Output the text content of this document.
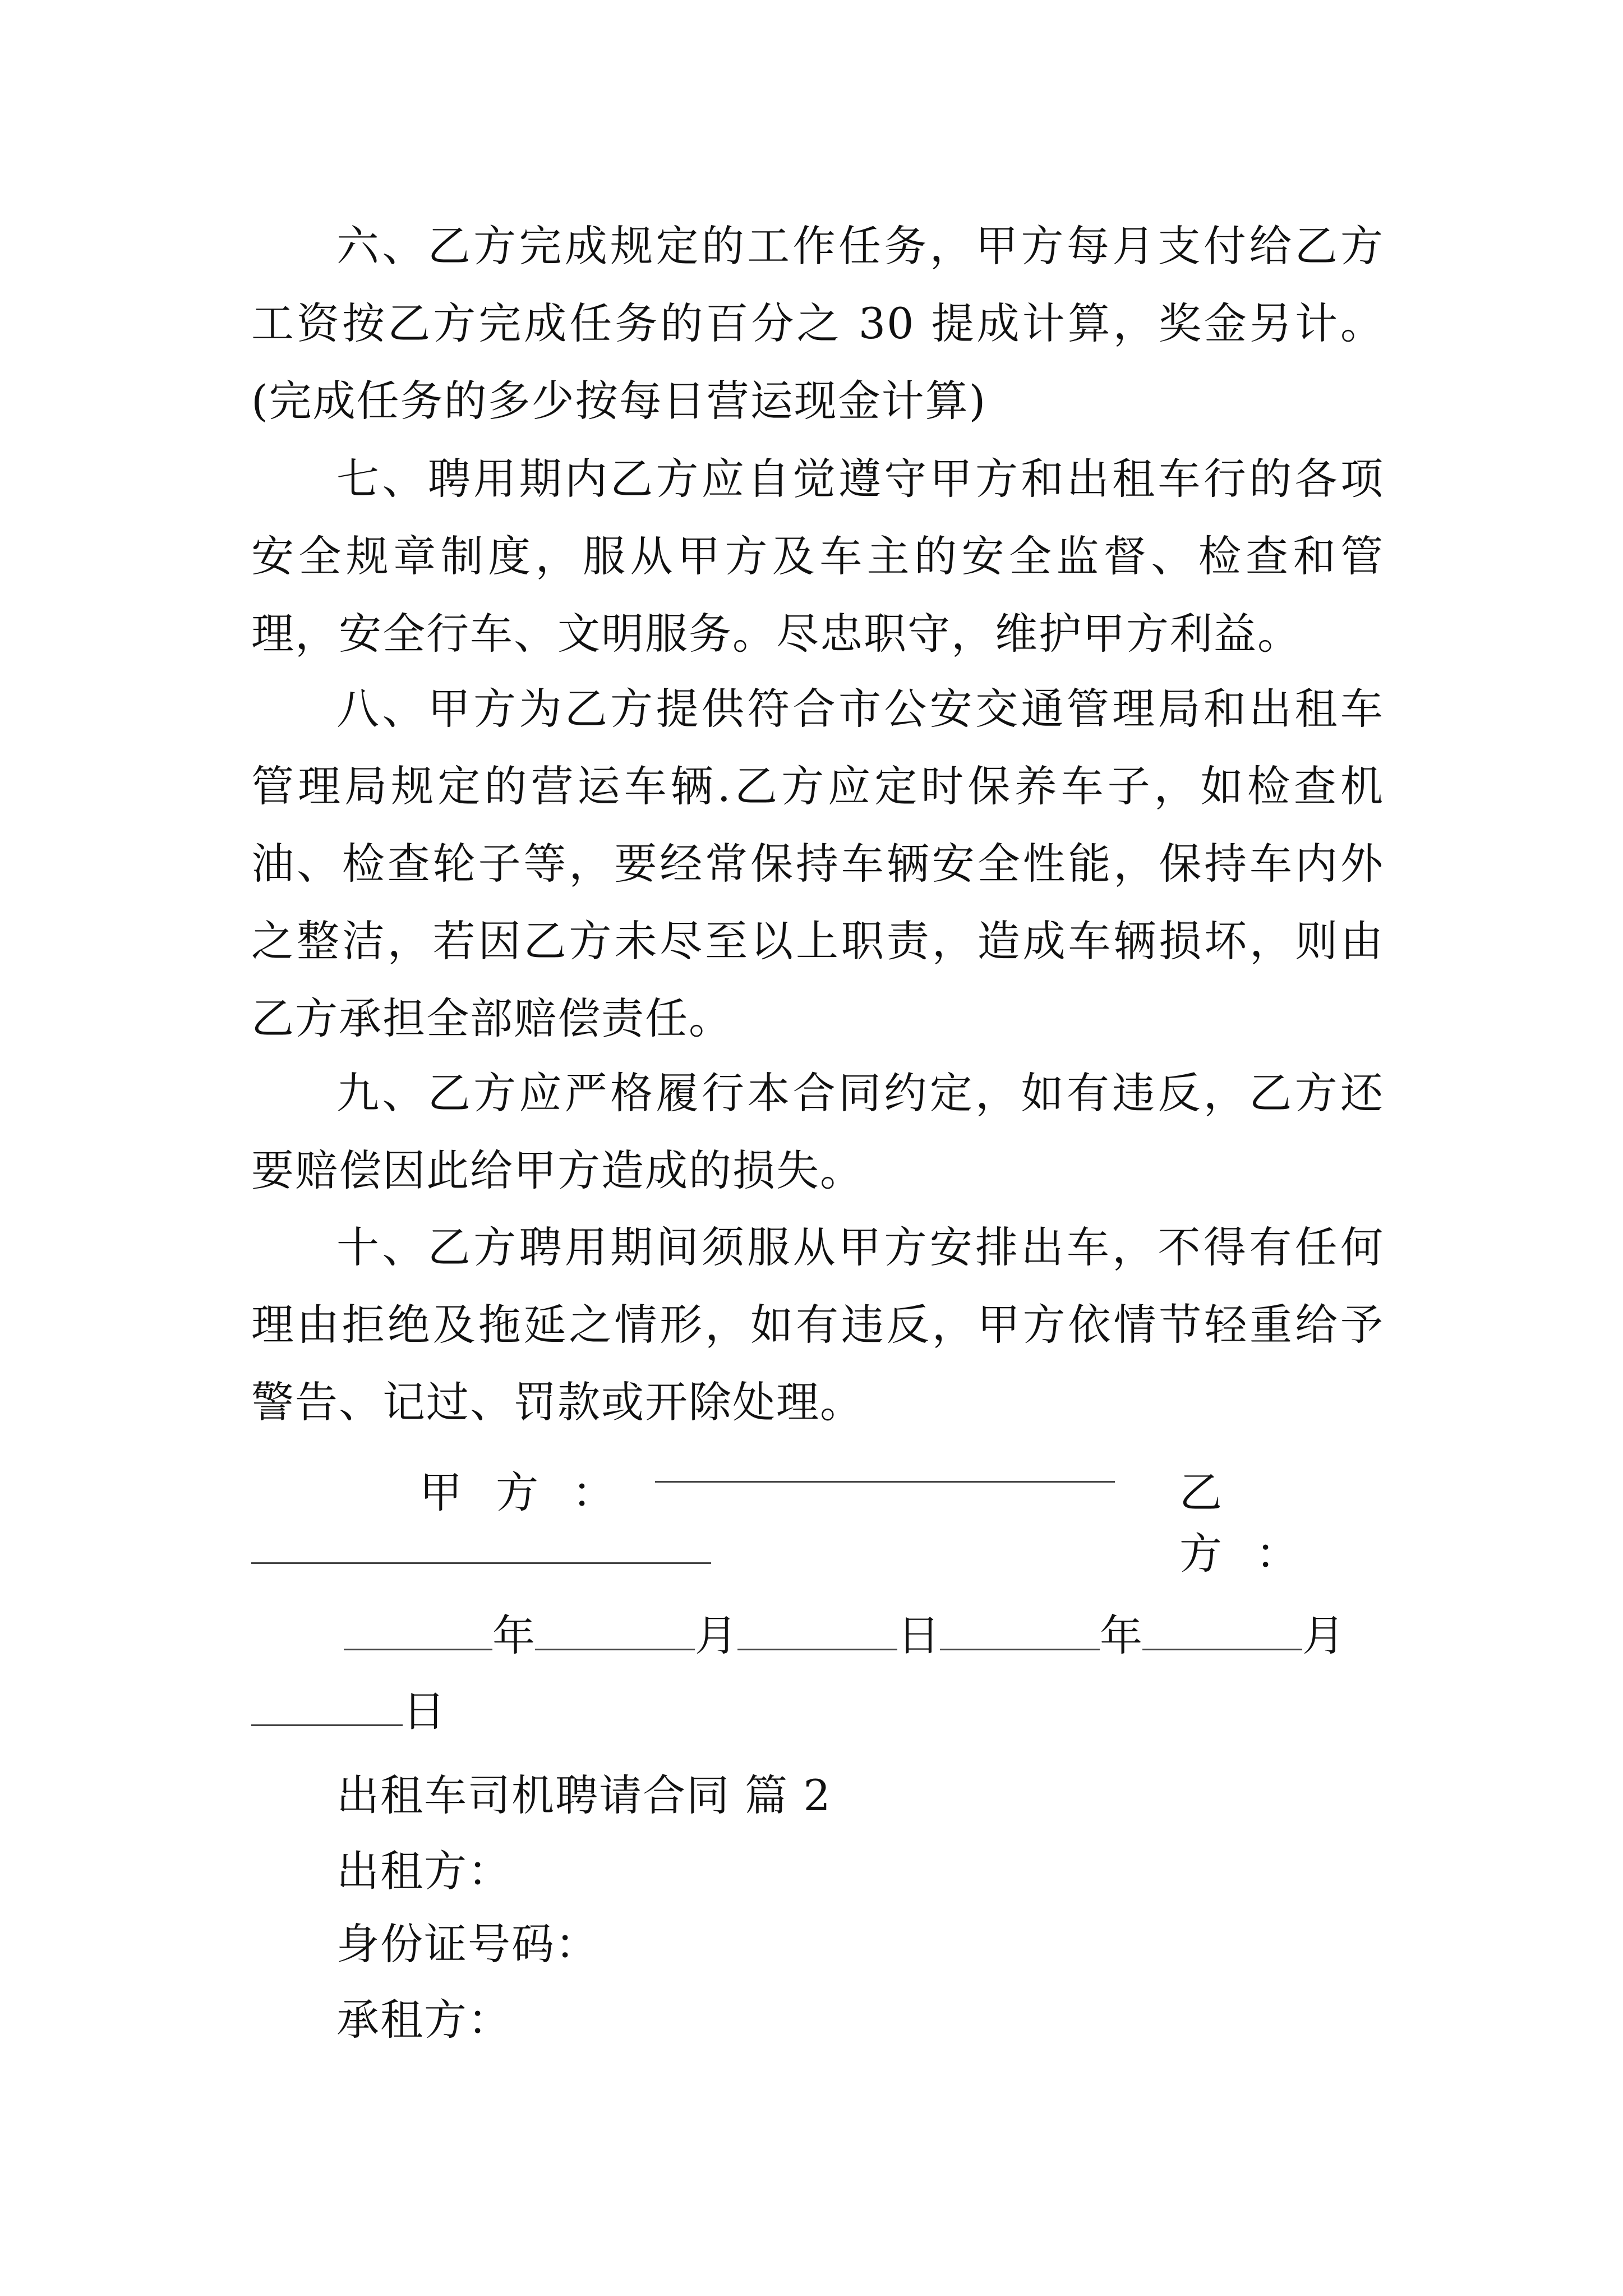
六、乙方完成规定的工作任务，甲方每月支付给乙方工资按乙方完成任务的百分之 30 提成计算，奖金另计。(完成任务的多少按每日营运现金计算)

七、聘用期内乙方应自觉遵守甲方和出租车行的各项安全规章制度，服从甲方及车主的安全监督、检查和管理，安全行车、文明服务。尽忠职守，维护甲方利益。

八、甲方为乙方提供符合市公安交通管理局和出租车管理局规定的营运车辆.乙方应定时保养车子，如检查机油、检查轮子等，要经常保持车辆安全性能，保持车内外之整洁，若因乙方未尽至以上职责，造成车辆损坏，则由乙方承担全部赔偿责任。

九、乙方应严格履行本合同约定，如有违反，乙方还要赔偿因此给甲方造成的损失。

十、乙方聘用期间须服从甲方安排出车，不得有任何理由拒绝及拖延之情形，如有违反，甲方依情节轻重给予警告、记过、罚款或开除处理。

甲方：	乙方：
年	月	日	年	月
日
出租车司机聘请合同 篇 2
出租方：
身份证号码：
承租方：
